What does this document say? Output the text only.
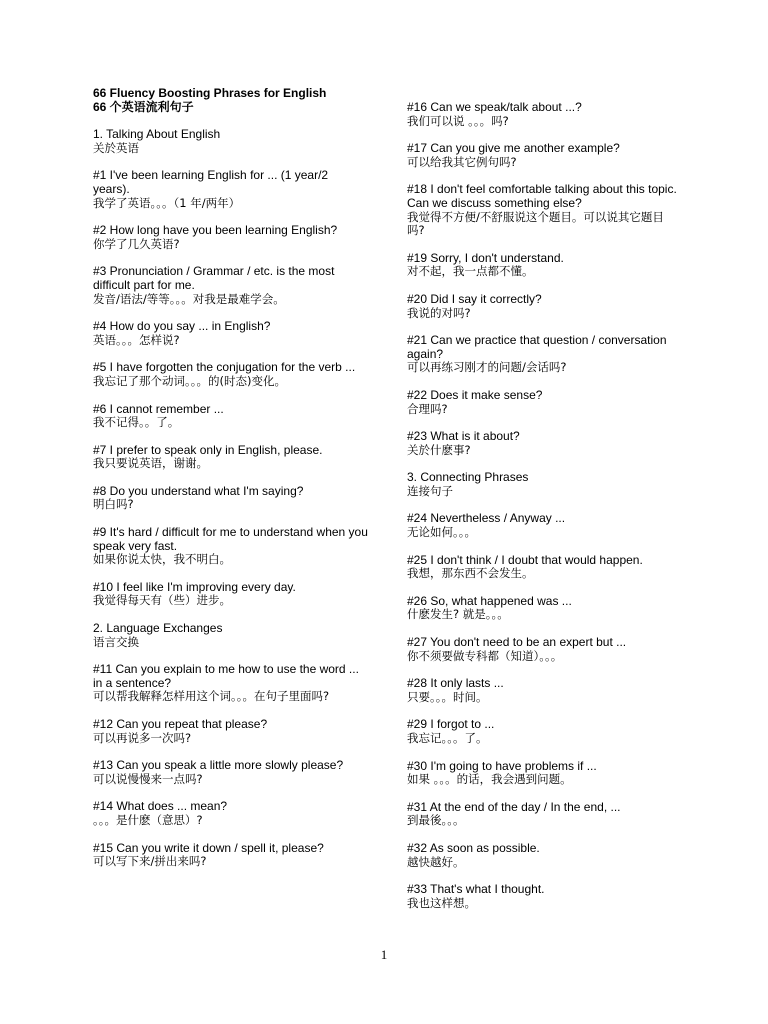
66 Fluency Boosting Phrases for English
66 个英语流利句子
1. Talking About English
关於英语
#1 I've been learning English for ... (1 year/2 years).
我学了英语。。。（1 年/两年）
#2 How long have you been learning English?
你学了几久英语?
#3 Pronunciation / Grammar / etc. is the most difficult part for me.
发音/语法/等等。。。对我是最难学会。
#4 How do you say ... in English?
英语。。。怎样说?
#5 I have forgotten the conjugation for the verb ...
我忘记了那个动词。。。的(时态)变化。
#6 I cannot remember ...
我不记得。。了。
#7 I prefer to speak only in English, please.
我只要说英语，谢谢。
#8 Do you understand what I'm saying?
明白吗?
#9 It's hard / difficult for me to understand when you speak very fast.
如果你说太快，我不明白。
#10 I feel like I'm improving every day.
我觉得每天有（些）进步。
2. Language Exchanges
语言交换
#11 Can you explain to me how to use the word ... in a sentence?
可以帮我解释怎样用这个词。。。在句子里面吗?
#12 Can you repeat that please?
可以再说多一次吗?
#13 Can you speak a little more slowly please?
可以说慢慢来一点吗?
#14 What does ... mean?
。。。是什麽（意思）?
#15 Can you write it down / spell it, please?
可以写下来/拼出来吗?
#16 Can we speak/talk about ...?
我们可以说 。。。吗?
#17 Can you give me another example?
可以给我其它例句吗?
#18 I don't feel comfortable talking about this topic. Can we discuss something else?
我觉得不方便/不舒服说这个题目。可以说其它题目吗?
#19 Sorry, I don't understand.
对不起，我一点都不懂。
#20 Did I say it correctly?
我说的对吗?
#21 Can we practice that question / conversation again?
可以再练习刚才的问题/会话吗?
#22 Does it make sense?
合理吗?
#23 What is it about?
关於什麽事?
3. Connecting Phrases
连接句子
#24 Nevertheless / Anyway ...
无论如何。。。
#25 I don't think / I doubt that would happen.
我想，那东西不会发生。
#26 So, what happened was ...
什麽发生? 就是。。。
#27 You don't need to be an expert but ...
你不须要做专科都（知道）。。。
#28 It only lasts ...
只要。。。时间。
#29 I forgot to ...
我忘记。。。了。
#30 I'm going to have problems if ...
如果 。。。的话，我会遇到问题。
#31 At the end of the day / In the end, ...
到最後。。。
#32 As soon as possible.
越快越好。
#33 That's what I thought.
我也这样想。
1
